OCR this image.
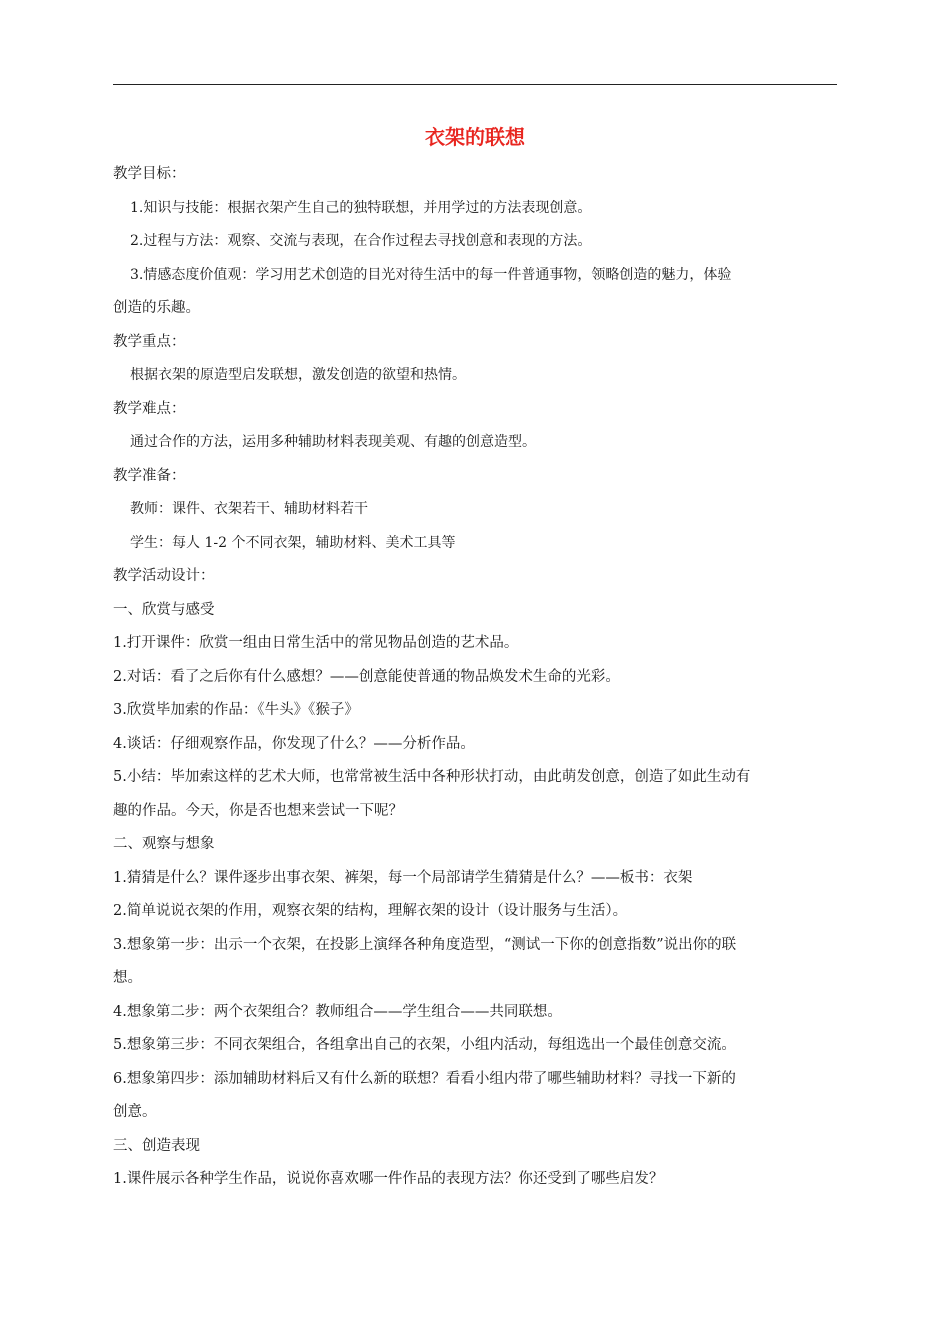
衣架的联想
教学目标：
1.知识与技能：根据衣架产生自己的独特联想，并用学过的方法表现创意。
2.过程与方法：观察、交流与表现，在合作过程去寻找创意和表现的方法。
3.情感态度价值观：学习用艺术创造的目光对待生活中的每一件普通事物，领略创造的魅力，体验
创造的乐趣。
教学重点：
根据衣架的原造型启发联想，激发创造的欲望和热情。
教学难点：
通过合作的方法，运用多种辅助材料表现美观、有趣的创意造型。
教学准备：
教师：课件、衣架若干、辅助材料若干
学生：每人 1-2 个不同衣架，辅助材料、美术工具等
教学活动设计：
一、欣赏与感受
1.打开课件：欣赏一组由日常生活中的常见物品创造的艺术品。
2.对话：看了之后你有什么感想？——创意能使普通的物品焕发术生命的光彩。
3.欣赏毕加索的作品：《牛头》《猴子》
4.谈话：仔细观察作品，你发现了什么？——分析作品。
5.小结：毕加索这样的艺术大师，也常常被生活中各种形状打动，由此萌发创意，创造了如此生动有
趣的作品。今天，你是否也想来尝试一下呢？
二、观察与想象
1.猜猜是什么？课件逐步出事衣架、裤架，每一个局部请学生猜猜是什么？——板书：衣架
2.简单说说衣架的作用，观察衣架的结构，理解衣架的设计（设计服务与生活）。
3.想象第一步：出示一个衣架，在投影上演绎各种角度造型，“测试一下你的创意指数”说出你的联
想。
4.想象第二步：两个衣架组合？教师组合——学生组合——共同联想。
5.想象第三步：不同衣架组合，各组拿出自己的衣架，小组内活动，每组选出一个最佳创意交流。
6.想象第四步：添加辅助材料后又有什么新的联想？看看小组内带了哪些辅助材料？寻找一下新的
创意。
三、创造表现
1.课件展示各种学生作品，说说你喜欢哪一件作品的表现方法？你还受到了哪些启发？
